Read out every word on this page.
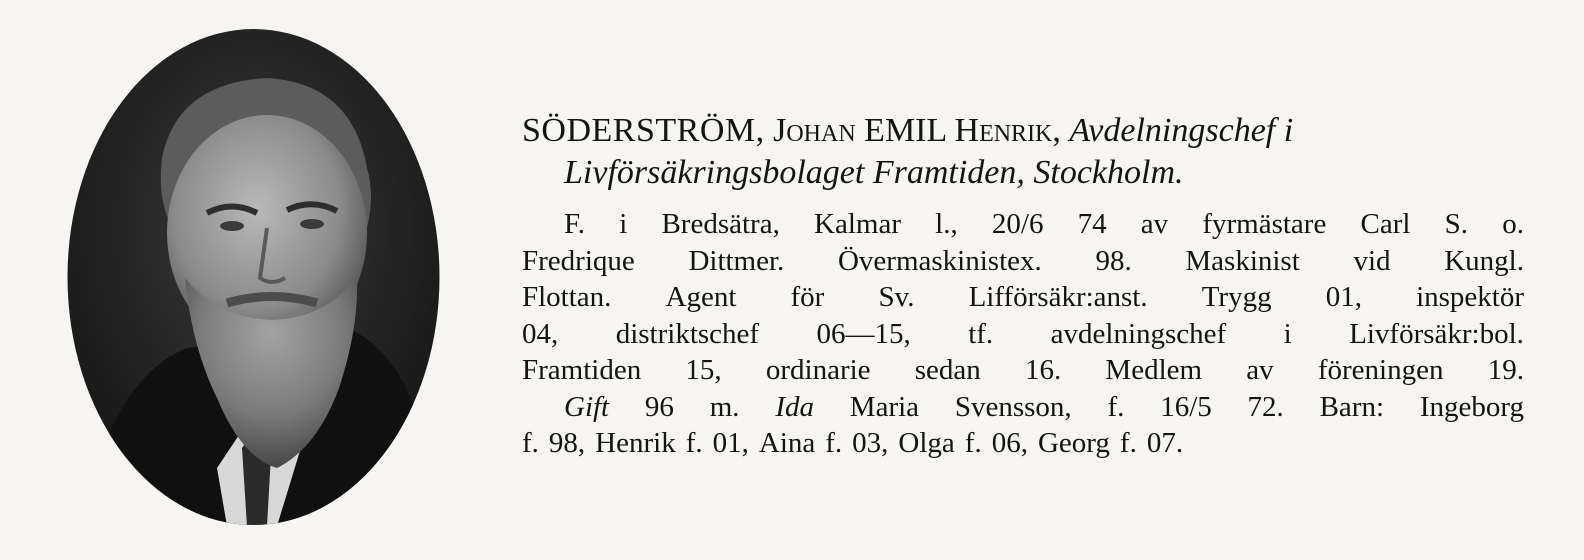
SÖDERSTRÖM, Johan EMIL Henrik, Avdelningschef i
Livförsäkringsbolaget Framtiden, Stockholm.
F. i Bredsätra, Kalmar l., 20/6 74 av fyrmästare Carl S. o.
Fredrique Dittmer. Övermaskinistex. 98. Maskinist vid Kungl.
Flottan. Agent för Sv. Lifförsäkr:anst. Trygg 01, inspektör
04, distriktschef 06—15, tf. avdelningschef i Livförsäkr:bol.
Framtiden 15, ordinarie sedan 16. Medlem av föreningen 19.
Gift 96 m. Ida Maria Svensson, f. 16/5 72. Barn: Ingeborg
f. 98, Henrik f. 01, Aina f. 03, Olga f. 06, Georg f. 07.
